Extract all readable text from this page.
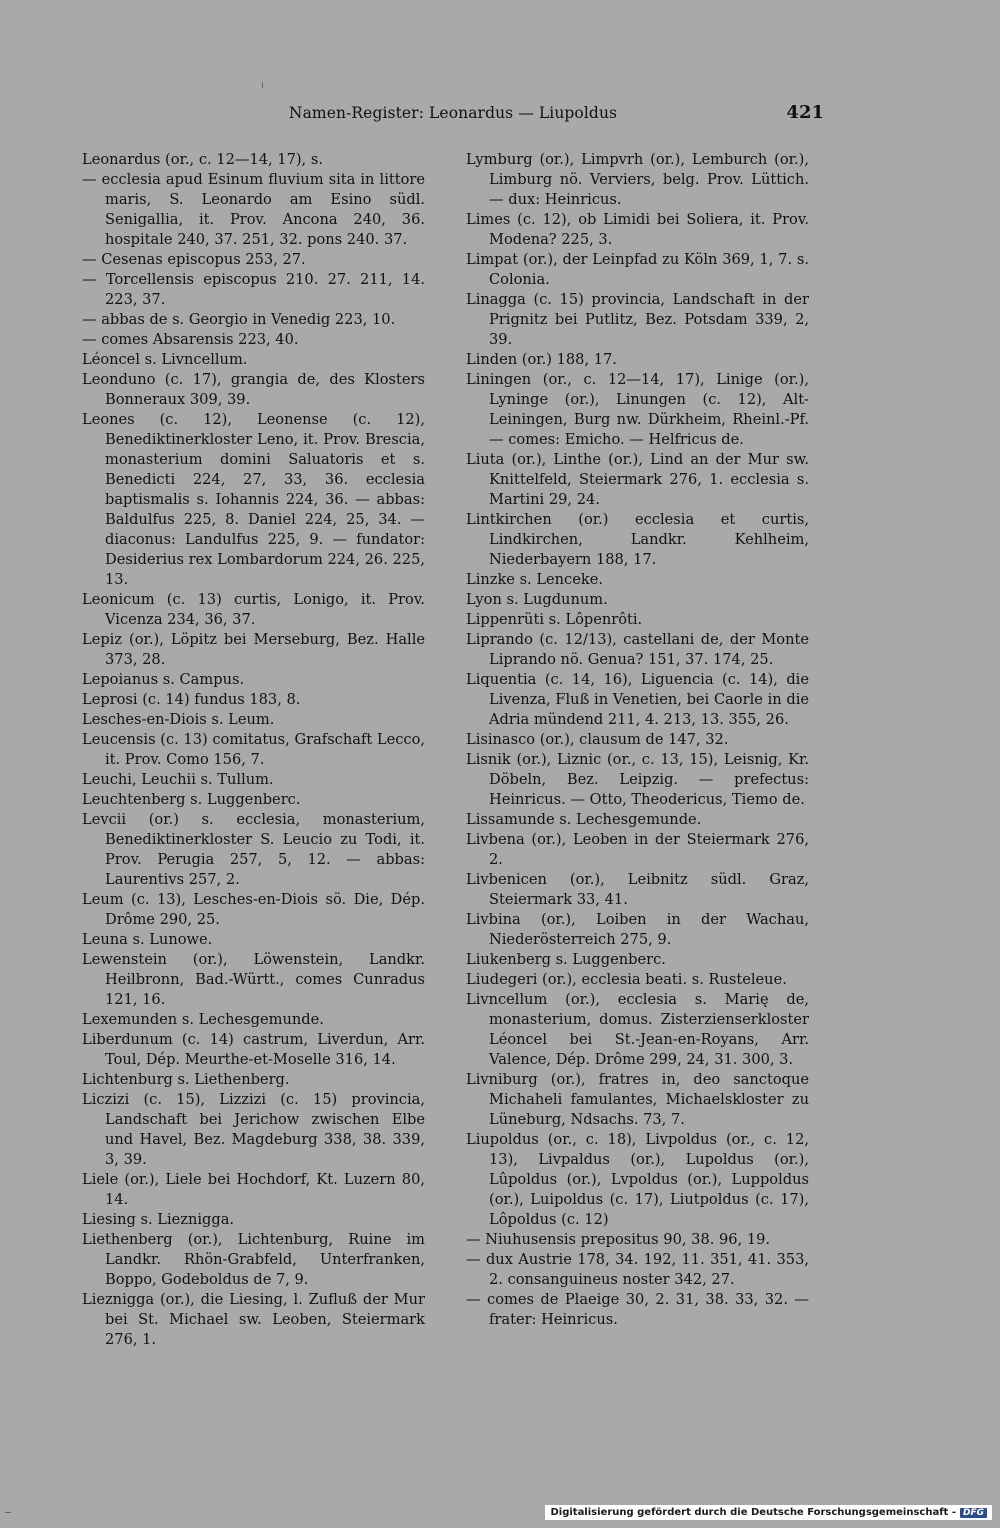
Namen-Register: Leonardus — Liupoldus	421

Leonardus (or., c. 12—14, 17), s.

— ecclesia apud Esinum fluvium sita in littore maris, S. Leonardo am Esino südl. Senigallia, it. Prov. Ancona 240, 36. hospitale 240, 37. 251, 32. pons 240. 37.

— Cesenas episcopus 253, 27.

— Torcellensis episcopus 210. 27. 211, 14. 223, 37.

— abbas de s. Georgio in Venedig 223, 10.

— comes Absarensis 223, 40.

Léoncel s. Livncellum.

Leonduno (c. 17), grangia de, des Klosters Bonneraux 309, 39.

Leones (c. 12), Leonense (c. 12), Benediktinerkloster Leno, it. Prov. Brescia, monasterium domini Saluatoris et s. Benedicti 224, 27, 33, 36. ecclesia baptismalis s. Iohannis 224, 36. — abbas: Baldulfus 225, 8. Daniel 224, 25, 34. — diaconus: Landulfus 225, 9. — fundator: Desiderius rex Lombardorum 224, 26. 225, 13.

Leonicum (c. 13) curtis, Lonigo, it. Prov. Vicenza 234, 36, 37.

Lepiz (or.), Löpitz bei Merseburg, Bez. Halle 373, 28.

Lepoianus s. Campus.

Leprosi (c. 14) fundus 183, 8.

Lesches-en-Diois s. Leum.

Leucensis (c. 13) comitatus, Grafschaft Lecco, it. Prov. Como 156, 7.

Leuchi, Leuchii s. Tullum.

Leuchtenberg s. Luggenberc.

Levcii (or.) s. ecclesia, monasterium, Benediktinerkloster S. Leucio zu Todi, it. Prov. Perugia 257, 5, 12. — abbas: Laurentivs 257, 2.

Leum (c. 13), Lesches-en-Diois sö. Die, Dép. Drôme 290, 25.

Leuna s. Lunowe.

Lewenstein (or.), Löwenstein, Landkr. Heilbronn, Bad.-Württ., comes Cunradus 121, 16.

Lexemunden s. Lechesgemunde.

Liberdunum (c. 14) castrum, Liverdun, Arr. Toul, Dép. Meurthe-et-Moselle 316, 14.

Lichtenburg s. Liethenberg.

Liczizi (c. 15), Lizzizi (c. 15) provincia, Landschaft bei Jerichow zwischen Elbe und Havel, Bez. Magdeburg 338, 38. 339, 3, 39.

Liele (or.), Liele bei Hochdorf, Kt. Luzern 80, 14.

Liesing s. Lieznigga.

Liethenberg (or.), Lichtenburg, Ruine im Landkr. Rhön-Grabfeld, Unterfranken, Boppo, Godeboldus de 7, 9.

Lieznigga (or.), die Liesing, l. Zufluß der Mur bei St. Michael sw. Leoben, Steiermark 276, 1.

Lymburg (or.), Limpvrh (or.), Lemburch (or.), Limburg nö. Verviers, belg. Prov. Lüttich. — dux: Heinricus.

Limes (c. 12), ob Limidi bei Soliera, it. Prov. Modena? 225, 3.

Limpat (or.), der Leinpfad zu Köln 369, 1, 7. s. Colonia.

Linagga (c. 15) provincia, Landschaft in der Prignitz bei Putlitz, Bez. Potsdam 339, 2, 39.

Linden (or.) 188, 17.

Liningen (or., c. 12—14, 17), Linige (or.), Lyninge (or.), Linungen (c. 12), Alt-Leiningen, Burg nw. Dürkheim, Rheinl.-Pf. — comes: Emicho. — Helfricus de.

Liuta (or.), Linthe (or.), Lind an der Mur sw. Knittelfeld, Steiermark 276, 1. ecclesia s. Martini 29, 24.

Lintkirchen (or.) ecclesia et curtis, Lindkirchen, Landkr. Kehlheim, Niederbayern 188, 17.

Linzke s. Lenceke.

Lyon s. Lugdunum.

Lippenrüti s. Lôpenrôti.

Liprando (c. 12/13), castellani de, der Monte Liprando nö. Genua? 151, 37. 174, 25.

Liquentia (c. 14, 16), Liguencia (c. 14), die Livenza, Fluß in Venetien, bei Caorle in die Adria mündend 211, 4. 213, 13. 355, 26.

Lisinasco (or.), clausum de 147, 32.

Lisnik (or.), Liznic (or., c. 13, 15), Leisnig, Kr. Döbeln, Bez. Leipzig. — prefectus: Heinricus. — Otto, Theodericus, Tiemo de.

Lissamunde s. Lechesgemunde.

Livbena (or.), Leoben in der Steiermark 276, 2.

Livbenicen (or.), Leibnitz südl. Graz, Steiermark 33, 41.

Livbina (or.), Loiben in der Wachau, Niederösterreich 275, 9.

Liukenberg s. Luggenberc.

Liudegeri (or.), ecclesia beati. s. Rusteleue.

Livncellum (or.), ecclesia s. Marię de, monasterium, domus. Zisterzienserkloster Léoncel bei St.-Jean-en-Royans, Arr. Valence, Dép. Drôme 299, 24, 31. 300, 3.

Livniburg (or.), fratres in, deo sanctoque Michaheli famulantes, Michaelskloster zu Lüneburg, Ndsachs. 73, 7.

Liupoldus (or., c. 18), Livpoldus (or., c. 12, 13), Livpaldus (or.), Lupoldus (or.), Lûpoldus (or.), Lvpoldus (or.), Luppoldus (or.), Luipoldus (c. 17), Liutpoldus (c. 17), Lôpoldus (c. 12)

— Niuhusensis prepositus 90, 38. 96, 19.

— dux Austrie 178, 34. 192, 11. 351, 41. 353, 2. consanguineus noster 342, 27.

— comes de Plaeige 30, 2. 31, 38. 33, 32. — frater: Heinricus.

Digitalisierung gefördert durch die Deutsche Forschungsgemeinschaft - DFG
